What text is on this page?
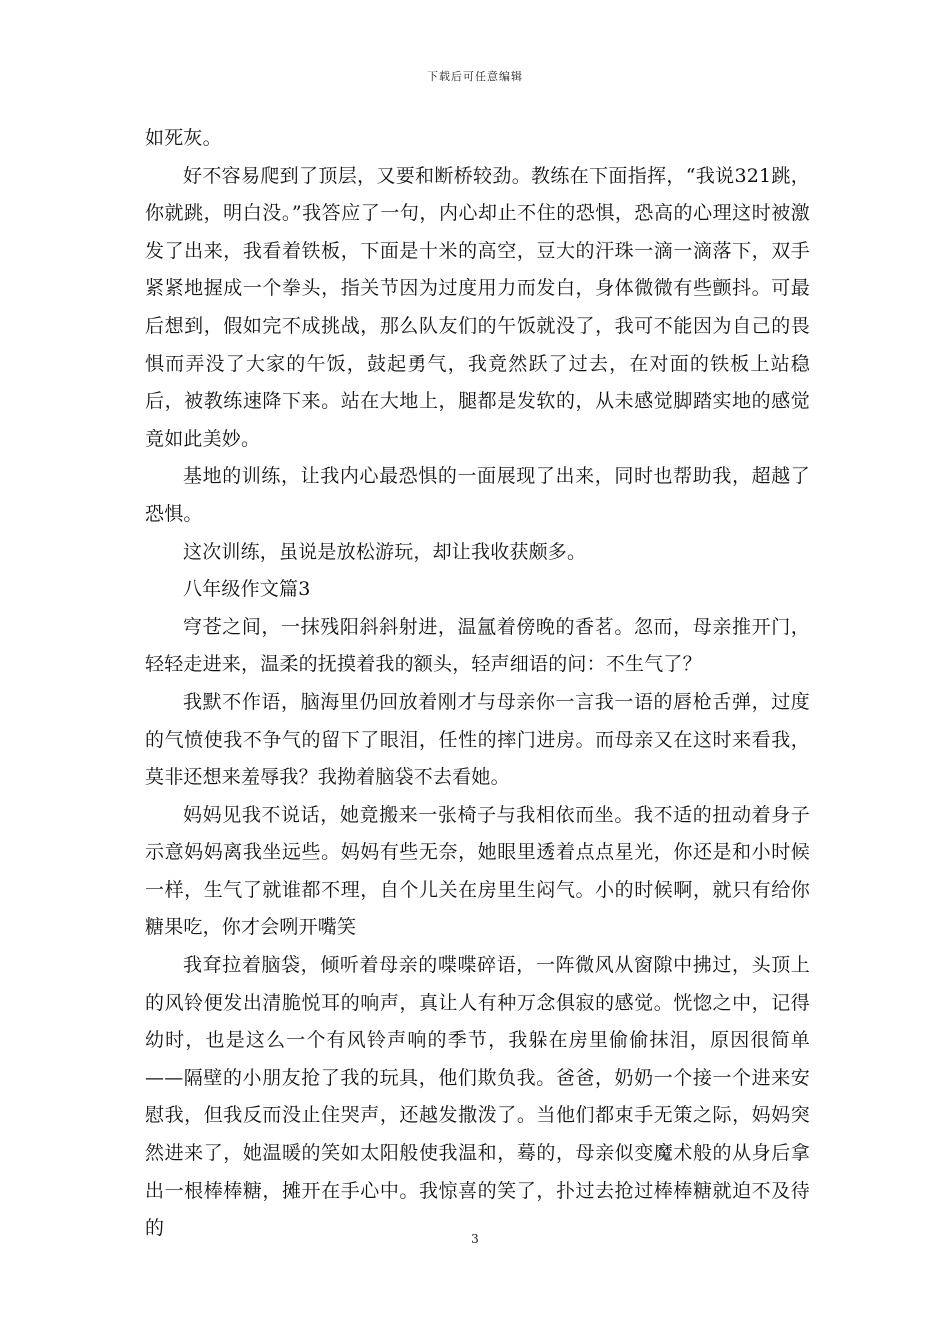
下载后可任意编辑

如死灰。

好不容易爬到了顶层，又要和断桥较劲。教练在下面指挥，“我说321跳，你就跳，明白没。”我答应了一句，内心却止不住的恐惧，恐高的心理这时被激发了出来，我看着铁板，下面是十米的高空，豆大的汗珠一滴一滴落下，双手紧紧地握成一个拳头，指关节因为过度用力而发白，身体微微有些颤抖。可最后想到，假如完不成挑战，那么队友们的午饭就没了，我可不能因为自己的畏惧而弄没了大家的午饭，鼓起勇气，我竟然跃了过去，在对面的铁板上站稳后，被教练速降下来。站在大地上，腿都是发软的，从未感觉脚踏实地的感觉竟如此美妙。

基地的训练，让我内心最恐惧的一面展现了出来，同时也帮助我，超越了恐惧。

这次训练，虽说是放松游玩，却让我收获颇多。

八年级作文篇3

穹苍之间，一抹残阳斜斜射进，温氲着傍晚的香茗。忽而，母亲推开门，轻轻走进来，温柔的抚摸着我的额头，轻声细语的问：不生气了？

我默不作语，脑海里仍回放着刚才与母亲你一言我一语的唇枪舌弹，过度的气愤使我不争气的留下了眼泪，任性的摔门进房。而母亲又在这时来看我，莫非还想来羞辱我？我拗着脑袋不去看她。

妈妈见我不说话，她竟搬来一张椅子与我相依而坐。我不适的扭动着身子示意妈妈离我坐远些。妈妈有些无奈，她眼里透着点点星光，你还是和小时候一样，生气了就谁都不理，自个儿关在房里生闷气。小的时候啊，就只有给你糖果吃，你才会咧开嘴笑

我耷拉着脑袋，倾听着母亲的喋喋碎语，一阵微风从窗隙中拂过，头顶上的风铃便发出清脆悦耳的响声，真让人有种万念俱寂的感觉。恍惚之中，记得幼时，也是这么一个有风铃声响的季节，我躲在房里偷偷抹泪，原因很简单——隔壁的小朋友抢了我的玩具，他们欺负我。爸爸，奶奶一个接一个进来安慰我，但我反而没止住哭声，还越发撒泼了。当他们都束手无策之际，妈妈突然进来了，她温暖的笑如太阳般使我温和，蓦的，母亲似变魔术般的从身后拿出一根棒棒糖，摊开在手心中。我惊喜的笑了，扑过去抢过棒棒糖就迫不及待的	3
